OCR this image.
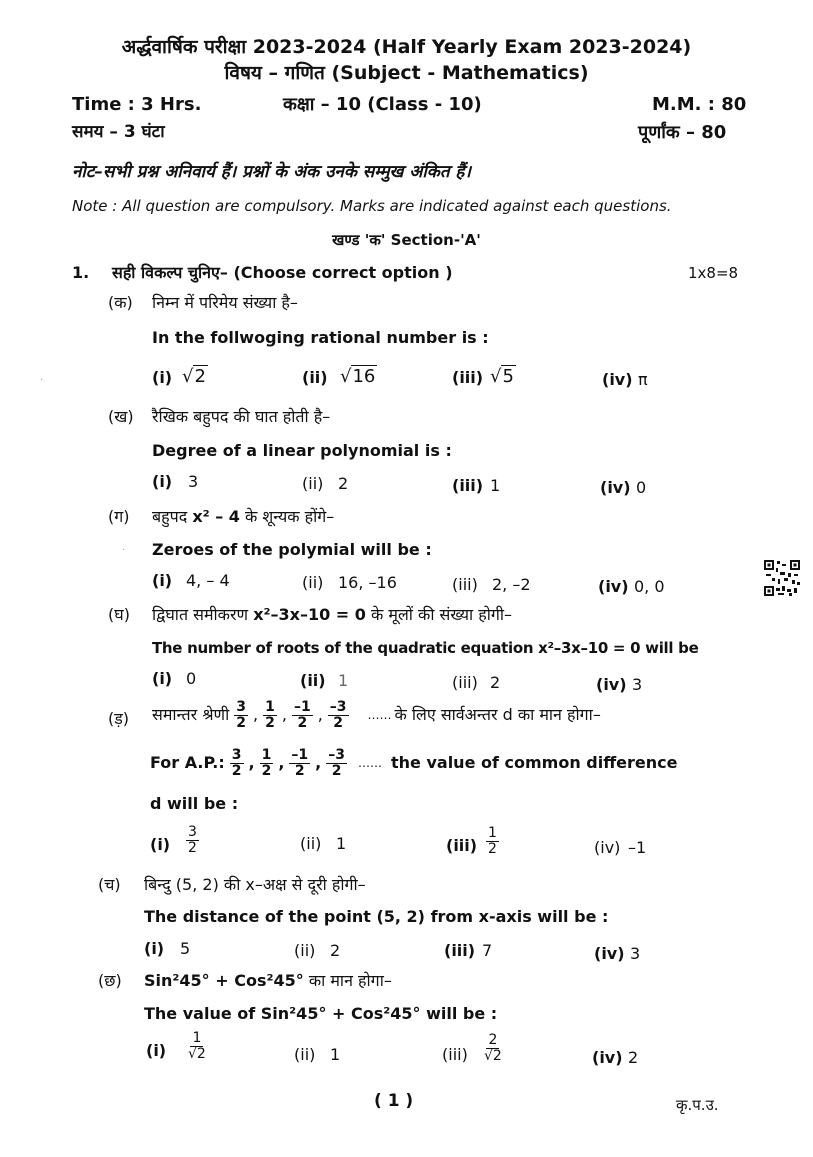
अर्द्धवार्षिक परीक्षा 2023-2024 (Half Yearly Exam 2023-2024)
विषय – गणित (Subject - Mathematics)
Time : 3 Hrs.	कक्षा – 10 (Class - 10)	M.M. : 80
समय – 3 घंटा	पूर्णांक – 80
नोट–सभी प्रश्न अनिवार्य हैं। प्रश्नों के अंक उनके सम्मुख अंकित हैं।
Note : All question are compulsory. Marks are indicated against each questions.
खण्ड 'क' Section-'A'
1. सही विकल्प चुनिए– (Choose correct option )	1x8=8
(क) निम्न में परिमेय संख्या है–
In the follwoging rational number is :
(i) √2	(ii) √16	(iii) √5	(iv) π
(ख) रैखिक बहुपद की घात होती है–
Degree of a linear polynomial is :
(i) 3	(ii) 2	(iii) 1	(iv) 0
(ग) बहुपद x² – 4 के शून्यक होंगे–
Zeroes of the polymial will be :
(i) 4, – 4	(ii) 16, –16	(iii) 2, –2	(iv) 0, 0
(घ) द्विघात समीकरण x²–3x–10 = 0 के मूलों की संख्या होगी–
The number of roots of the quadratic equation x²–3x–10 = 0 will be
(i) 0	(ii) 1	(iii) 2	(iv) 3
(ड़) समान्तर श्रेणी $\frac{3}{2}$ , $\frac{1}{2}$ , $\frac{-1}{2}$ , $\frac{-3}{2}$ …… के लिए सार्वअन्तर d का मान होगा–
For A.P.: $\frac{3}{2}$ , $\frac{1}{2}$ , $\frac{-1}{2}$ , $\frac{-3}{2}$ …… the value of common difference
d will be :
$(i) \frac{3}{2}$	(ii) 1	$(iii) \frac{1}{2}$	(iv) –1
(च) बिन्दु (5, 2) की x–अक्ष से दूरी होगी–
The distance of the point (5, 2) from x-axis will be :
(i) 5	(ii) 2	(iii) 7	(iv) 3
(छ) Sin²45° + Cos²45° का मान होगा–
The value of Sin²45° + Cos²45° will be :
$(i) \frac{1}{√2}$	(ii) 1	$(iii) \frac{2}{√2}$	(iv) 2
( 1 )	कृ.प.उ.
·
·
